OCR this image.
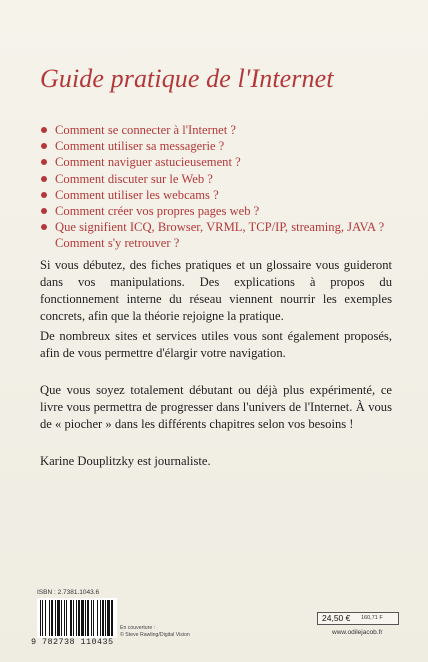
Guide pratique de l'Internet
Comment se connecter à l'Internet ?
Comment utiliser sa messagerie ?
Comment naviguer astucieusement ?
Comment discuter sur le Web ?
Comment utiliser les webcams ?
Comment créer vos propres pages web ?
Que signifient ICQ, Browser, VRML, TCP/IP, streaming, JAVA ? Comment s'y retrouver ?

Si vous débutez, des fiches pratiques et un glossaire vous guideront dans vos manipulations. Des explications à propos du fonctionnement interne du réseau viennent nourrir les exemples concrets, afin que la théorie rejoigne la pratique.

De nombreux sites et services utiles vous sont également proposés, afin de vous permettre d'élargir votre navigation.

Que vous soyez totalement débutant ou déjà plus expérimenté, ce livre vous permettra de progresser dans l'univers de l'Internet. À vous de « piocher » dans les différents chapitres selon vos besoins !

Karine Douplitzky est journaliste.

ISBN : 2.7381.1043.6
9 782738 110435
En couverture :
© Steve Rawling/Digital Vision
24,50 € 160,71 F
www.odilejacob.fr
